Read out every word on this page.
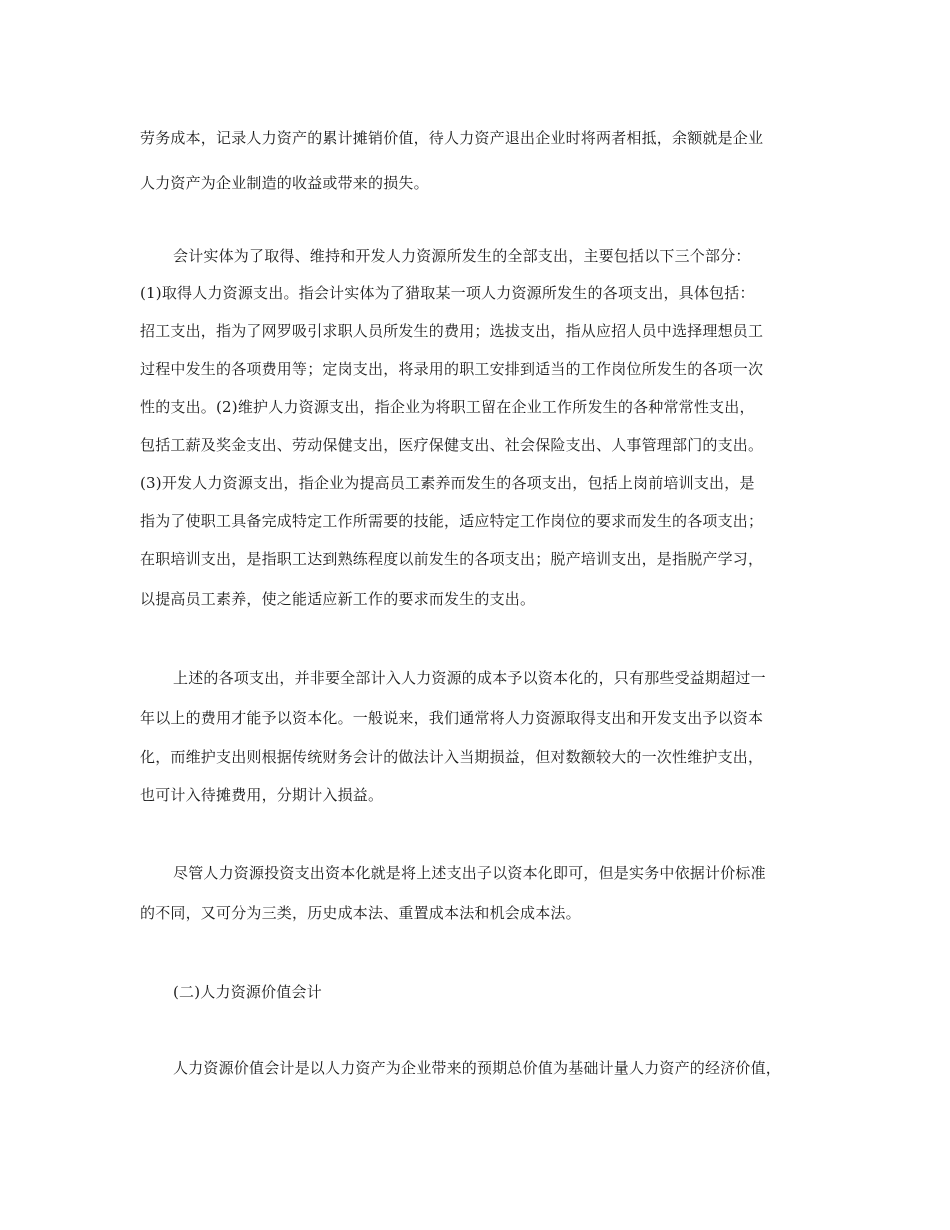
劳务成本，记录人力资产的累计摊销价值，待人力资产退出企业时将两者相抵，余额就是企业
人力资产为企业制造的收益或带来的损失。
会计实体为了取得、维持和开发人力资源所发生的全部支出，主要包括以下三个部分：
(1)取得人力资源支出。指会计实体为了猎取某一项人力资源所发生的各项支出，具体包括：
招工支出，指为了网罗吸引求职人员所发生的费用；选拔支出，指从应招人员中选择理想员工
过程中发生的各项费用等；定岗支出，将录用的职工安排到适当的工作岗位所发生的各项一次
性的支出。(2)维护人力资源支出，指企业为将职工留在企业工作所发生的各种常常性支出，
包括工薪及奖金支出、劳动保健支出，医疗保健支出、社会保险支出、人事管理部门的支出。
(3)开发人力资源支出，指企业为提高员工素养而发生的各项支出，包括上岗前培训支出，是
指为了使职工具备完成特定工作所需要的技能，适应特定工作岗位的要求而发生的各项支出；
在职培训支出，是指职工达到熟练程度以前发生的各项支出；脱产培训支出，是指脱产学习，
以提高员工素养，使之能适应新工作的要求而发生的支出。
上述的各项支出，并非要全部计入人力资源的成本予以资本化的，只有那些受益期超过一
年以上的费用才能予以资本化。一般说来，我们通常将人力资源取得支出和开发支出予以资本
化，而维护支出则根据传统财务会计的做法计入当期损益，但对数额较大的一次性维护支出，
也可计入待摊费用，分期计入损益。
尽管人力资源投资支出资本化就是将上述支出子以资本化即可，但是实务中依据计价标准
的不同，又可分为三类，历史成本法、重置成本法和机会成本法。
(二)人力资源价值会计
人力资源价值会计是以人力资产为企业带来的预期总价值为基础计量人力资产的经济价值，
